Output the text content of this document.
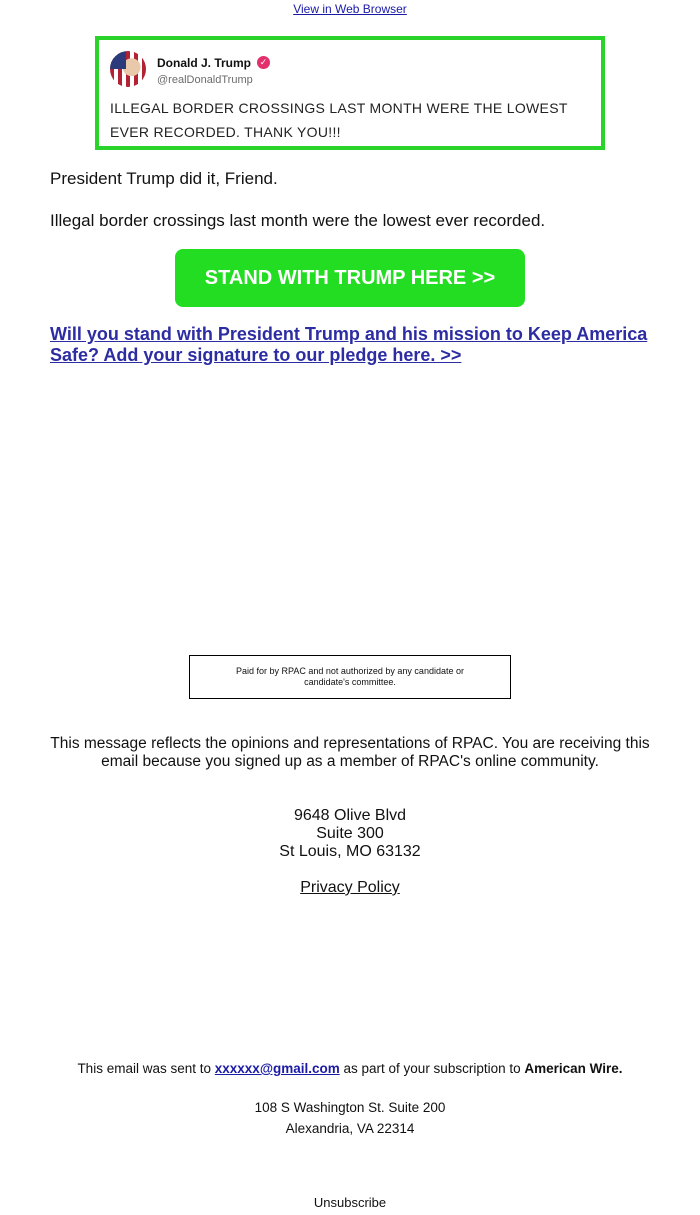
View in Web Browser
Donald J. Trump ✓
@realDonaldTrump
ILLEGAL BORDER CROSSINGS LAST MONTH WERE THE LOWEST EVER RECORDED. THANK YOU!!!

President Trump did it, Friend.

Illegal border crossings last month were the lowest ever recorded.

STAND WITH TRUMP HERE >>
Will you stand with President Trump and his mission to Keep America Safe? Add your signature to our pledge here. >>
Paid for by RPAC and not authorized by any candidate or candidate's committee.

This message reflects the opinions and representations of RPAC. You are receiving this email because you signed up as a member of RPAC's online community.

9648 Olive Blvd
Suite 300
St Louis, MO 63132
Privacy Policy

This email was sent to xxxxxx@gmail.com as part of your subscription to American Wire.

108 S Washington St. Suite 200
Alexandria, VA 22314
Unsubscribe
